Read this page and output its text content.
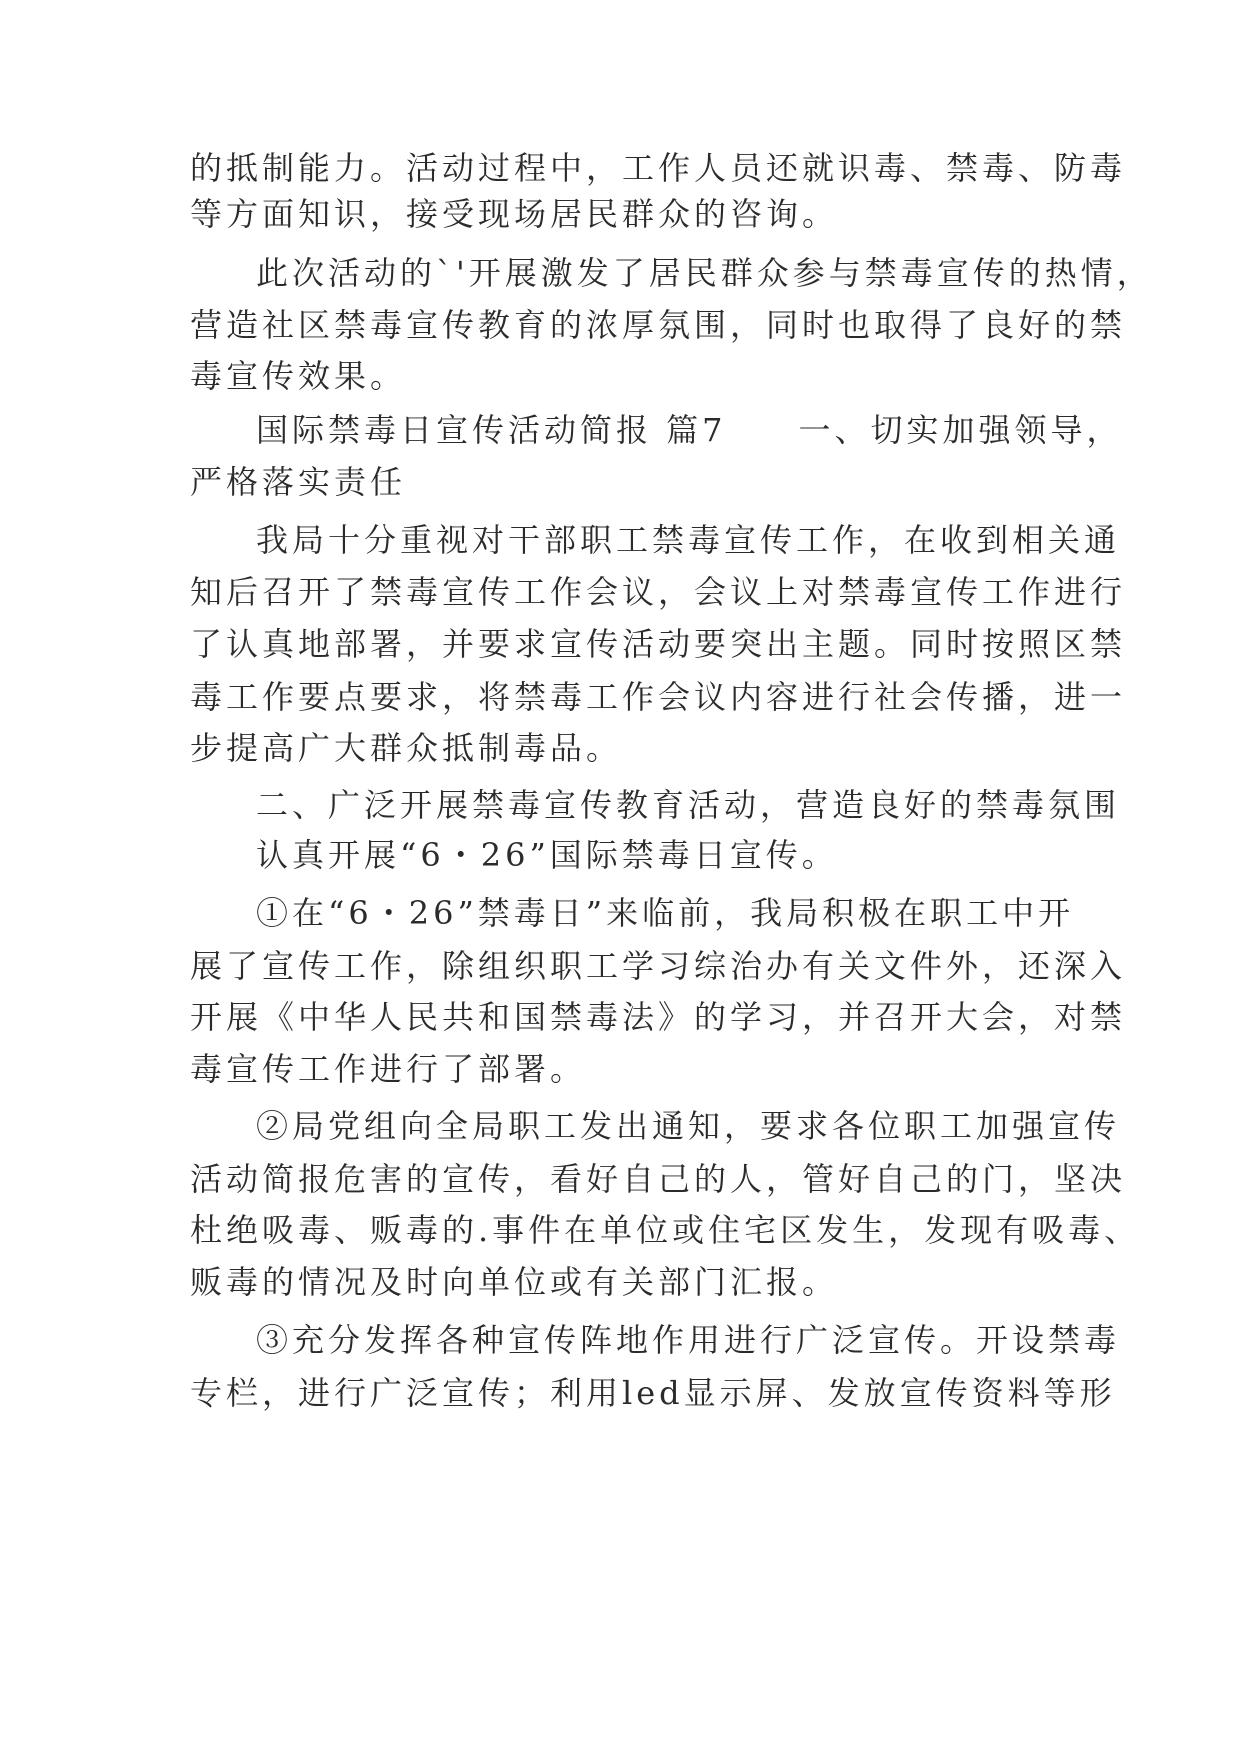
的抵制能力。活动过程中，工作人员还就识毒、禁毒、防毒
等方面知识，接受现场居民群众的咨询。
此次活动的`'开展激发了居民群众参与禁毒宣传的热情，
营造社区禁毒宣传教育的浓厚氛围，同时也取得了良好的禁
毒宣传效果。
国际禁毒日宣传活动简报 篇7　　一、切实加强领导，
严格落实责任
我局十分重视对干部职工禁毒宣传工作，在收到相关通
知后召开了禁毒宣传工作会议，会议上对禁毒宣传工作进行
了认真地部署，并要求宣传活动要突出主题。同时按照区禁
毒工作要点要求，将禁毒工作会议内容进行社会传播，进一
步提高广大群众抵制毒品。
二、广泛开展禁毒宣传教育活动，营造良好的禁毒氛围
认真开展“6・26”国际禁毒日宣传。
①在“6・26”禁毒日”来临前，我局积极在职工中开
展了宣传工作，除组织职工学习综治办有关文件外，还深入
开展《中华人民共和国禁毒法》的学习，并召开大会，对禁
毒宣传工作进行了部署。
②局党组向全局职工发出通知，要求各位职工加强宣传
活动简报危害的宣传，看好自己的人，管好自己的门，坚决
杜绝吸毒、贩毒的.事件在单位或住宅区发生，发现有吸毒、
贩毒的情况及时向单位或有关部门汇报。
③充分发挥各种宣传阵地作用进行广泛宣传。开设禁毒
专栏，进行广泛宣传；利用led显示屏、发放宣传资料等形
